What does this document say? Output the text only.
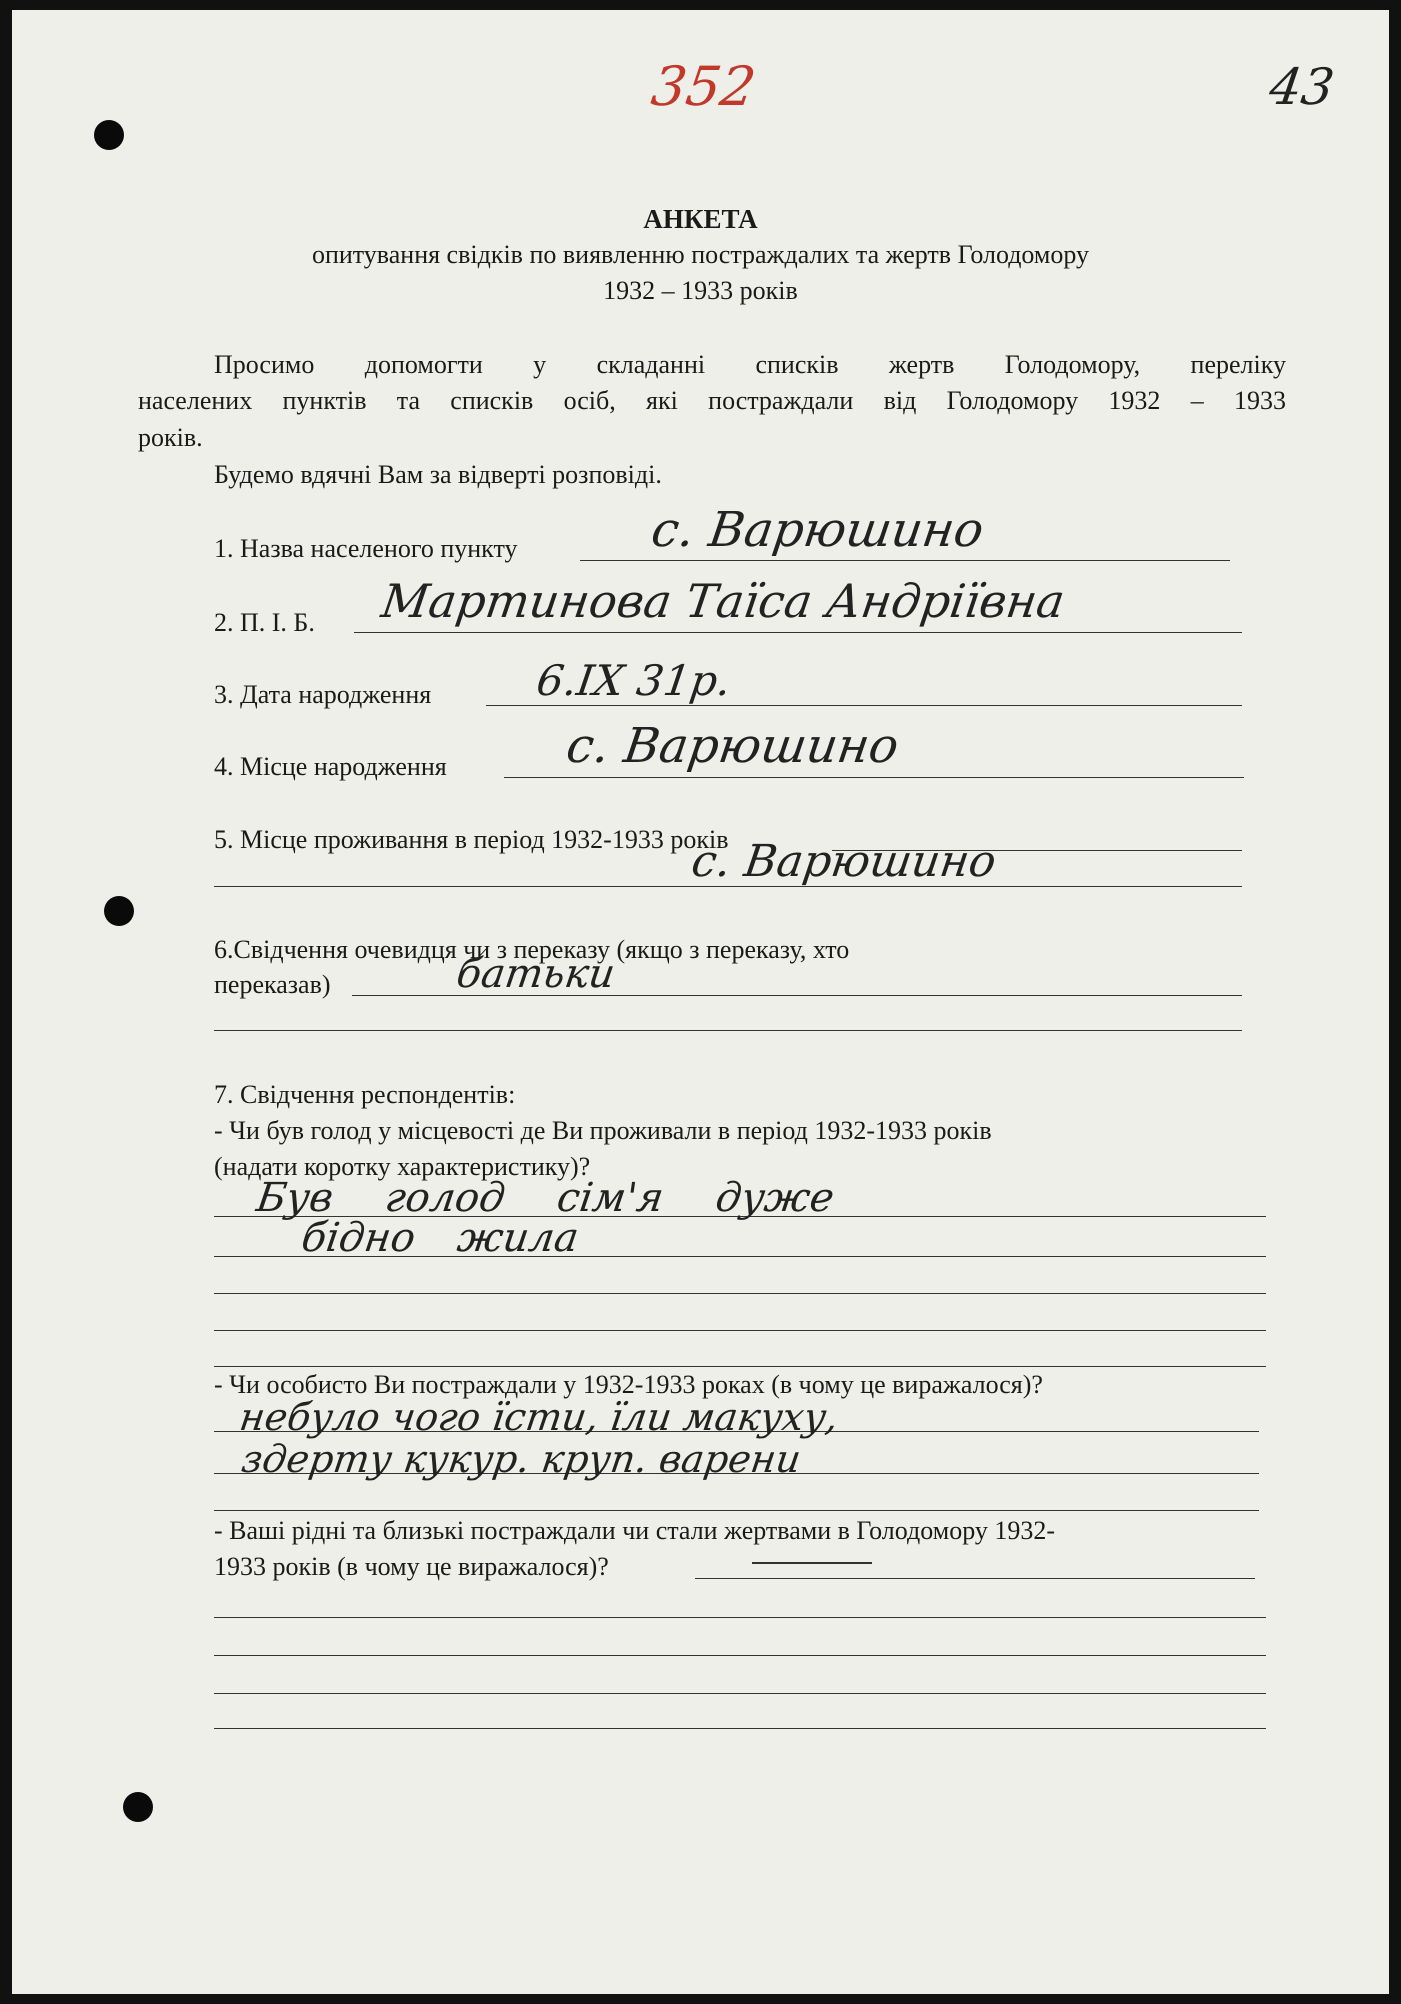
352	43
АНКЕТА
опитування свідків по виявленню постраждалих та жертв Голодомору
1932 – 1933 років
Просимо допомогти у складанні списків жертв Голодомору, переліку
населених пунктів та списків осіб, які постраждали від Голодомору 1932 – 1933
років.
Будемо вдячні Вам за відверті розповіді.
1. Назва населеного пункту	с. Варюшино
2. П. І. Б. Мартинова Таїса Андріївна
3. Дата народження 6.IX 31р.
4. Місце народження с. Варюшино
5. Місце проживання в період 1932-1933 років
с. Варюшино
6.Свідчення очевидця чи з переказу (якщо з переказу, хто
переказав)	батьки
7. Свідчення респондентів:
- Чи був голод у місцевості де Ви проживали в період 1932-1933 років
(надати коротку характеристику)?
Був голод сім'я дуже
бідно жила
- Чи особисто Ви постраждали у 1932-1933 роках (в чому це виражалося)?
небуло чого їсти, їли макуху,
здерту кукур. круп. варени
- Ваші рідні та близькі постраждали чи стали жертвами в Голодомору 1932-
1933 років (в чому це виражалося)?
